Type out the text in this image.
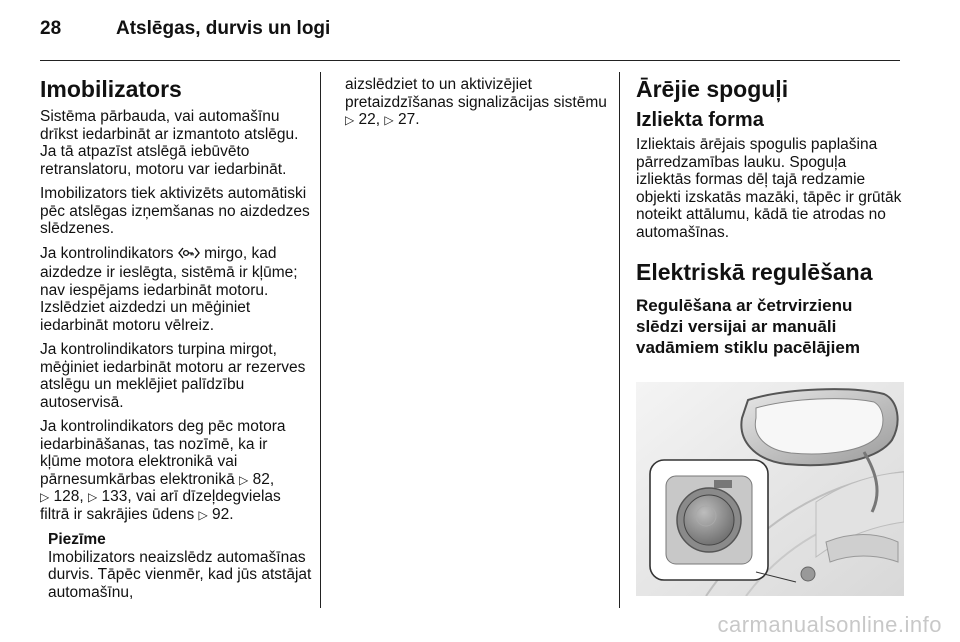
28	Atslēgas, durvis un logi
Imobilizators

Sistēma pārbauda, vai automašīnu drīkst iedarbināt ar izmantoto atslēgu. Ja tā atpazīst atslēgā iebūvēto retranslatoru, motoru var iedarbināt.

Imobilizators tiek aktivizēts automātiski pēc atslēgas izņemšanas no aizdedzes slēdzenes.

Ja kontrolindikators  mirgo, kad aizdedze ir ieslēgta, sistēmā ir kļūme; nav iespējams iedarbināt motoru. Izslēdziet aizdedzi un mēģiniet iedarbināt motoru vēlreiz.

Ja kontrolindikators turpina mirgot, mēģiniet iedarbināt motoru ar rezerves atslēgu un meklējiet palīdzību autoservisā.

Ja kontrolindikators deg pēc motora iedarbināšanas, tas nozīmē, ka ir kļūme motora elektronikā vai pārnesumkārbas elektronikā ▷ 82,
▷ 128, ▷ 133, vai arī dīzeļdegvielas filtrā ir sakrājies ūdens ▷ 92.

Piezīme
Imobilizators neaizslēdz automašīnas durvis. Tāpēc vienmēr, kad jūs atstājat automašīnu,

aizslēdziet to un aktivizējiet pretaizdzīšanas signalizācijas sistēmu ▷ 22, ▷ 27.

Ārējie spoguļi
Izliekta forma

Izliektais ārējais spogulis paplašina pārredzamības lauku. Spoguļa izliektās formas dēļ tajā redzamie objekti izskatās mazāki, tāpēc ir grūtāk noteikt attālumu, kādā tie atrodas no automašīnas.

Elektriskā regulēšana
Regulēšana ar četrvirzienu slēdzi versijai ar manuāli vadāmiem stiklu pacēlājiem
carmanualsonline.info
